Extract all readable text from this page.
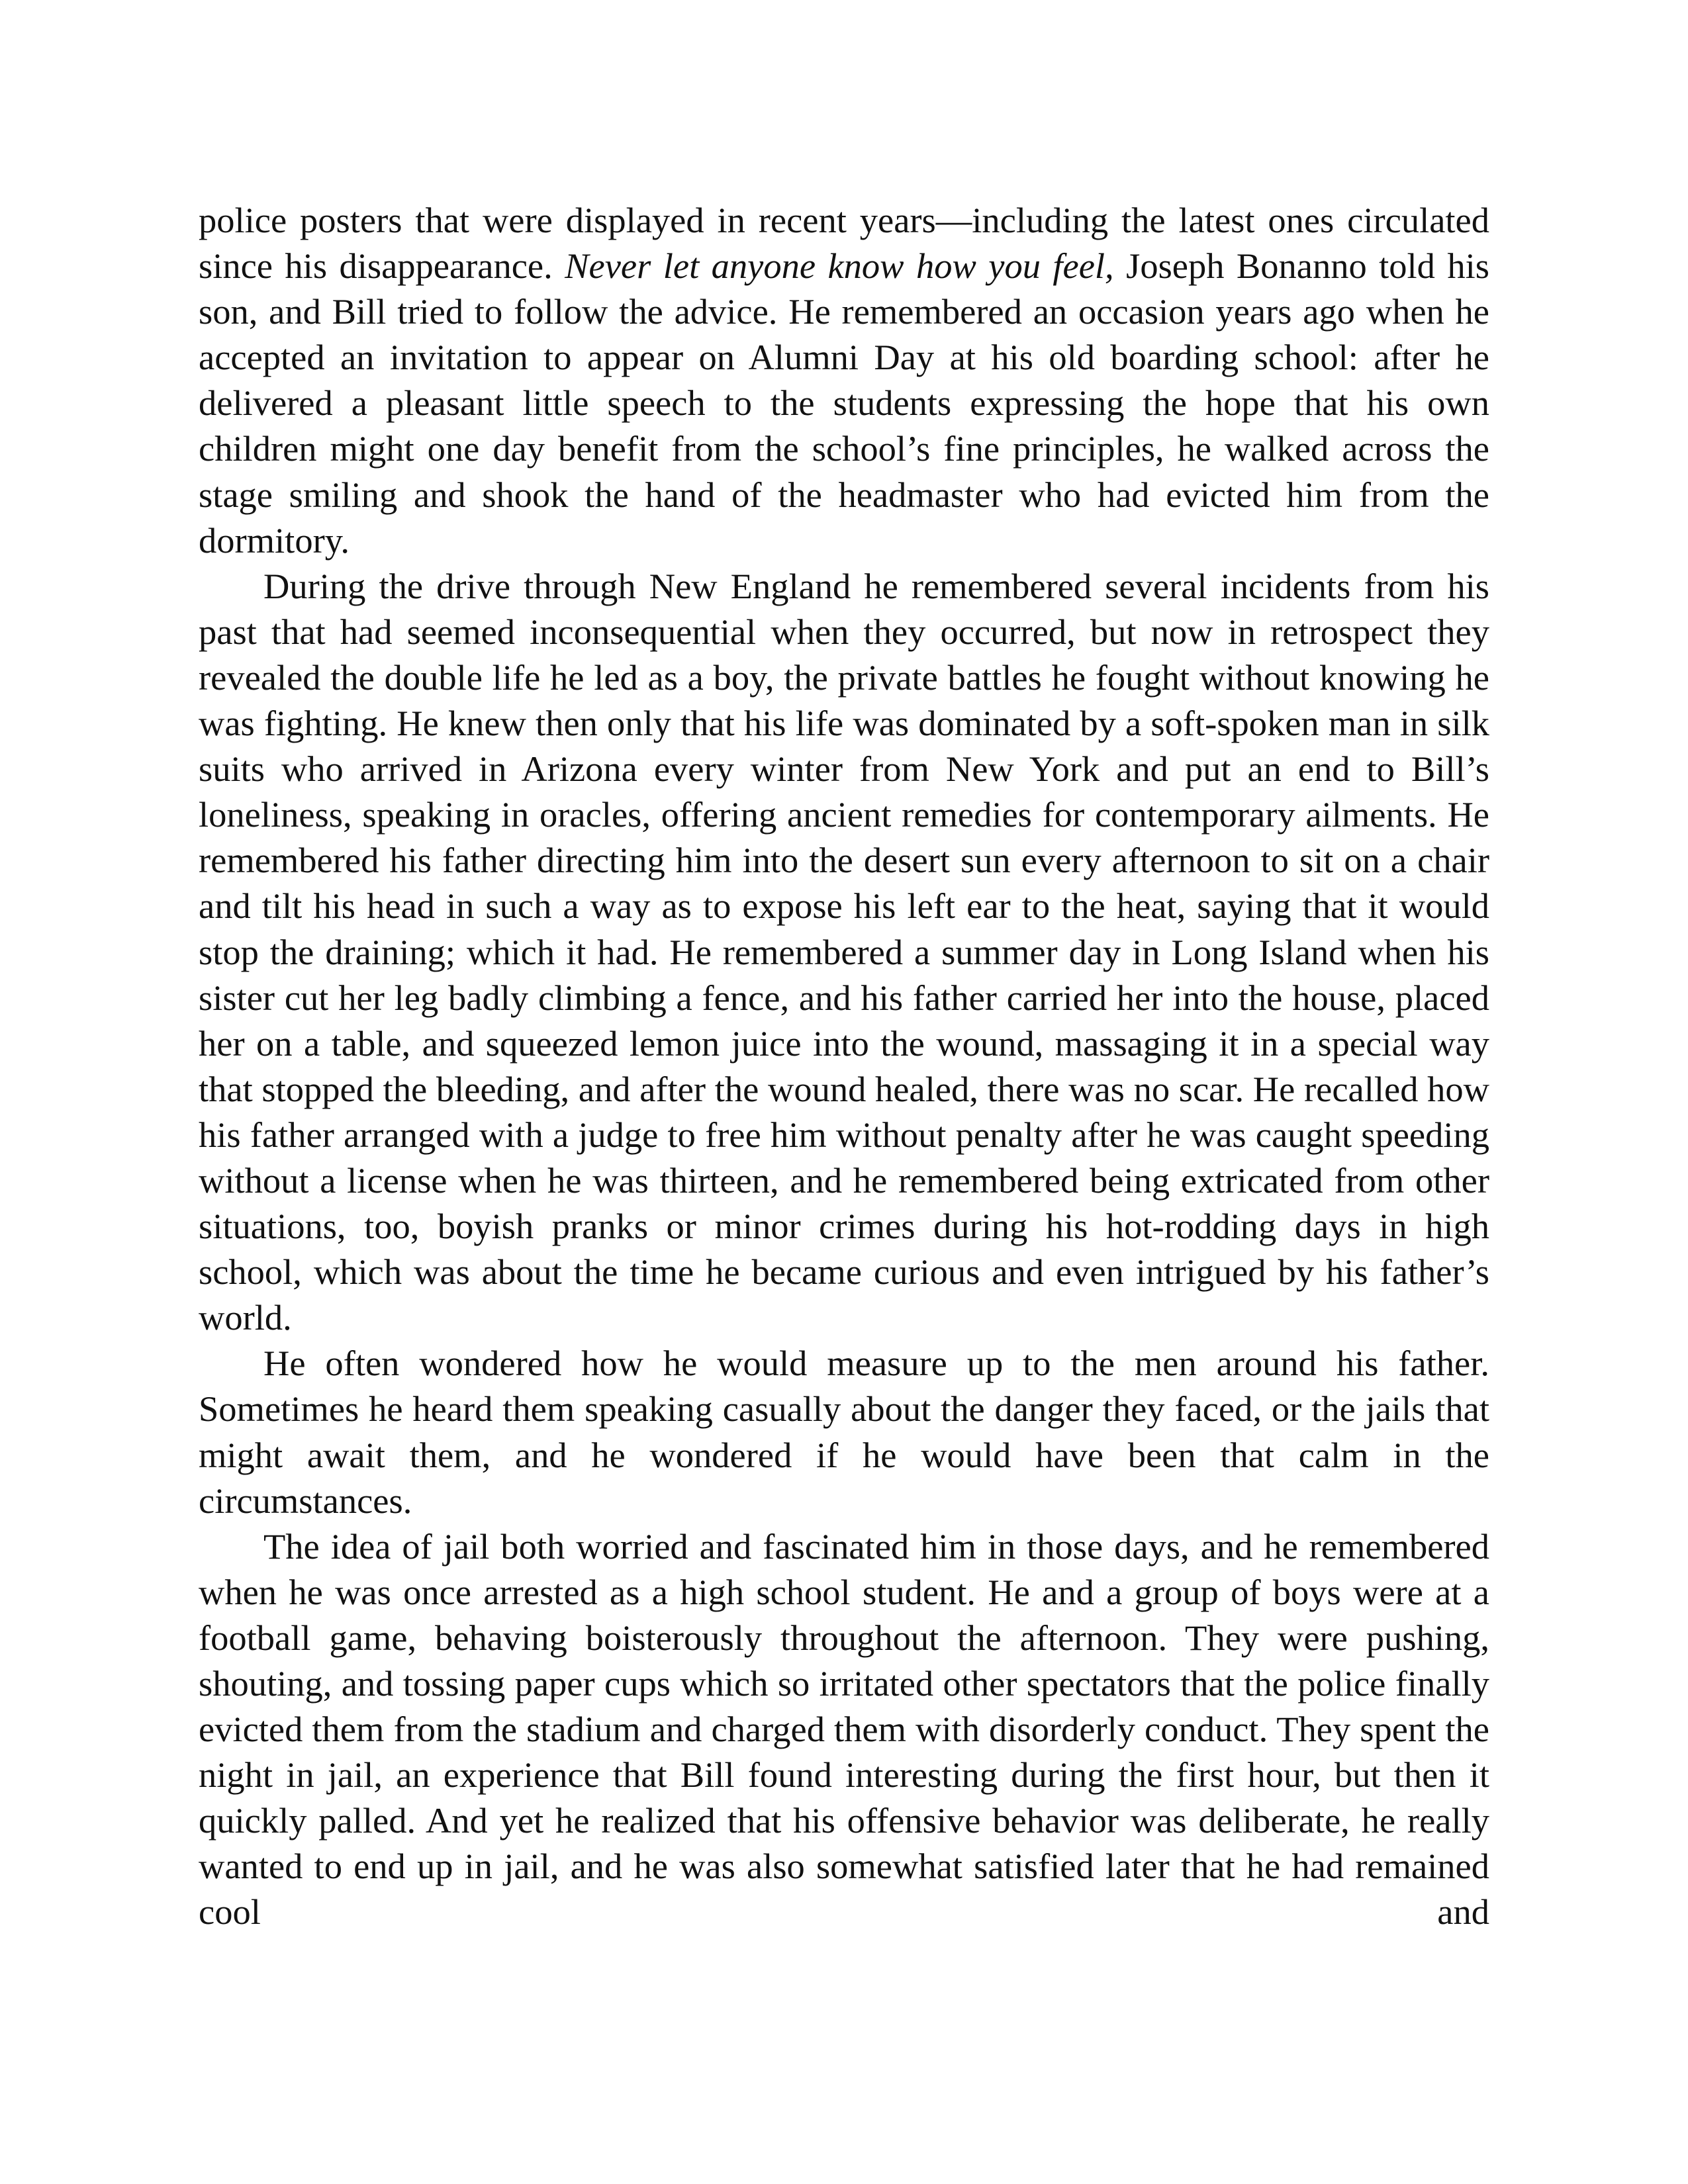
police posters that were displayed in recent years—including the latest ones circulated since his disappearance. Never let anyone know how you feel, Joseph Bonanno told his son, and Bill tried to follow the advice. He remembered an occasion years ago when he accepted an invitation to appear on Alumni Day at his old boarding school: after he delivered a pleasant little speech to the students expressing the hope that his own children might one day benefit from the school’s fine principles, he walked across the stage smiling and shook the hand of the headmaster who had evicted him from the dormitory.

During the drive through New England he remembered several incidents from his past that had seemed inconsequential when they occurred, but now in retrospect they revealed the double life he led as a boy, the private battles he fought without knowing he was fighting. He knew then only that his life was dominated by a soft-spoken man in silk suits who arrived in Arizona every winter from New York and put an end to Bill’s loneliness, speaking in oracles, offering ancient remedies for contemporary ailments. He remembered his father directing him into the desert sun every afternoon to sit on a chair and tilt his head in such a way as to expose his left ear to the heat, saying that it would stop the draining; which it had. He remembered a summer day in Long Island when his sister cut her leg badly climbing a fence, and his father carried her into the house, placed her on a table, and squeezed lemon juice into the wound, massaging it in a special way that stopped the bleeding, and after the wound healed, there was no scar. He recalled how his father arranged with a judge to free him without penalty after he was caught speeding without a license when he was thirteen, and he remembered being extricated from other situations, too, boyish pranks or minor crimes during his hot-rodding days in high school, which was about the time he became curious and even intrigued by his father’s world.

He often wondered how he would measure up to the men around his father. Sometimes he heard them speaking casually about the danger they faced, or the jails that might await them, and he wondered if he would have been that calm in the circumstances.

The idea of jail both worried and fascinated him in those days, and he remembered when he was once arrested as a high school student. He and a group of boys were at a football game, behaving boisterously throughout the afternoon. They were pushing, shouting, and tossing paper cups which so irritated other spectators that the police finally evicted them from the stadium and charged them with disorderly conduct. They spent the night in jail, an experience that Bill found interesting during the first hour, but then it quickly palled. And yet he realized that his offensive behavior was deliberate, he really wanted to end up in jail, and he was also somewhat satisfied later that he had remained cool and
